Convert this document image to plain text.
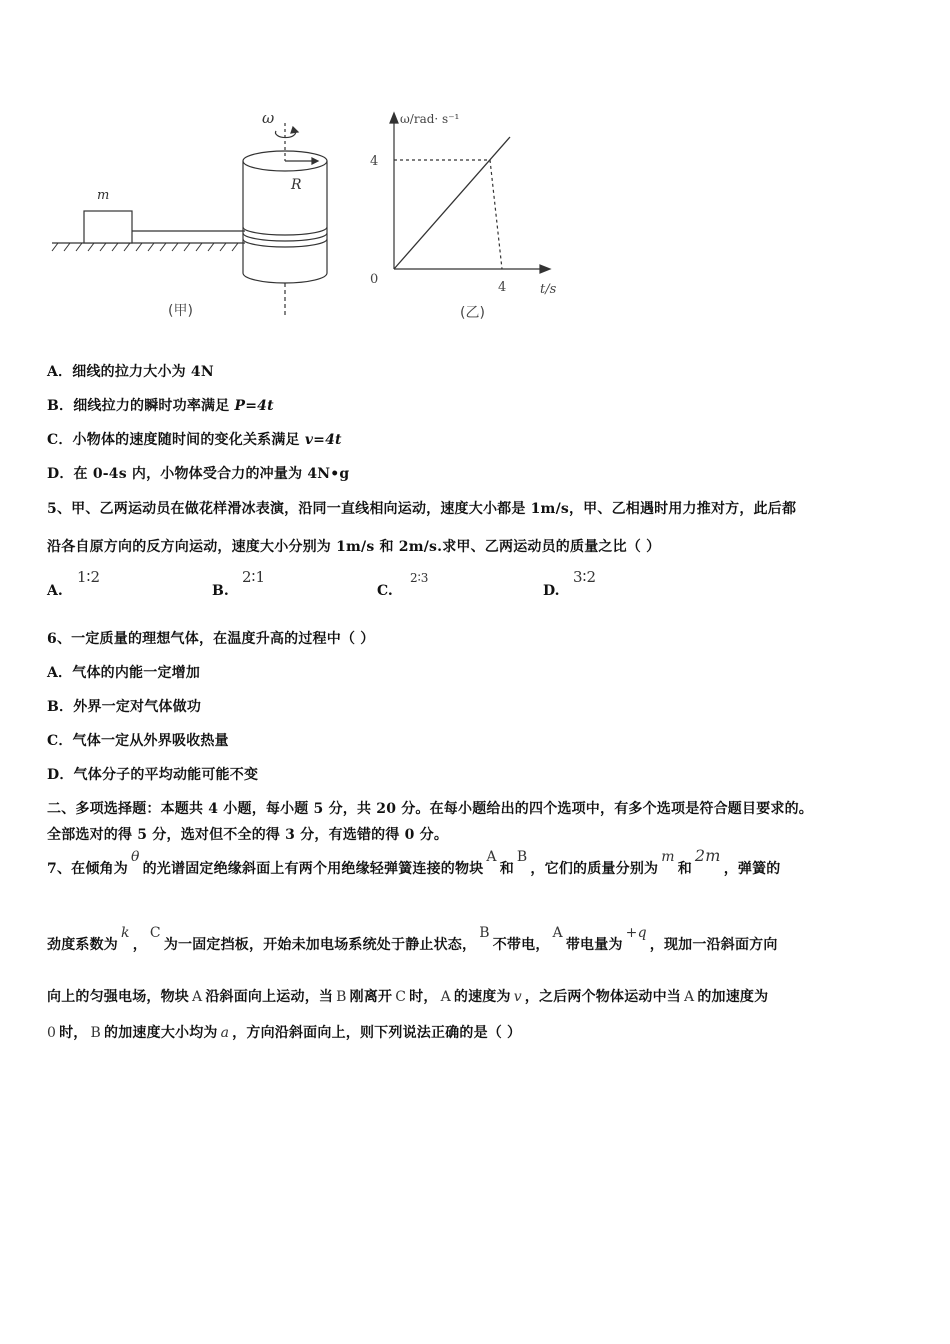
ω
m
R
(甲)
ω/rad· s⁻¹
t/s
4
4
0
(乙)
A．细线的拉力大小为 4N
B．细线拉力的瞬时功率满足 P=4t
C．小物体的速度随时间的变化关系满足 v=4t
D．在 0-4s 内，小物体受合力的冲量为 4N•g
5、甲、乙两运动员在做花样滑冰表演，沿同一直线相向运动，速度大小都是 1m/s，甲、乙相遇时用力推对方，此后都
沿各自原方向的反方向运动，速度大小分别为 1m/s 和 2m/s.求甲、乙两运动员的质量之比（ ）
A.
1∶2
B.
2∶1
C.
2∶3
D.
3∶2
6、一定质量的理想气体，在温度升高的过程中（ ）
A．气体的内能一定增加
B．外界一定对气体做功
C．气体一定从外界吸收热量
D．气体分子的平均动能可能不变
二、多项选择题：本题共 4 小题，每小题 5 分，共 20 分。在每小题给出的四个选项中，有多个选项是符合题目要求的。
全部选对的得 5 分，选对但不全的得 3 分，有选错的得 0 分。
7、在倾角为θ的光谱固定绝缘斜面上有两个用绝缘轻弹簧连接的物块A和B，它们的质量分别为m和2m，弹簧的
劲度系数为k，C为一固定挡板，开始未加电场系统处于静止状态，B不带电，A带电量为+q，现加一沿斜面方向
向上的匀强电场，物块 A 沿斜面向上运动，当 B 刚离开 C 时， A 的速度为 v ，之后两个物体运动中当 A 的加速度为
0 时， B 的加速度大小均为 a ，方向沿斜面向上，则下列说法正确的是（ ）
